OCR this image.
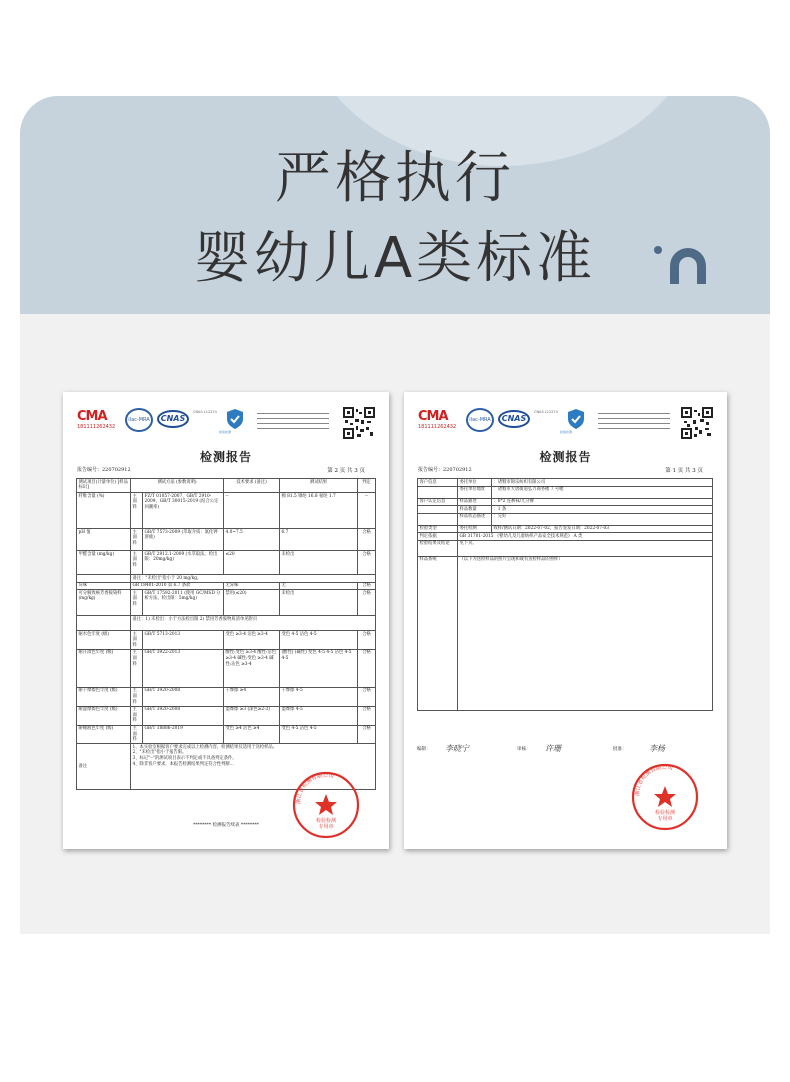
严格执行
婴幼儿A类标准
CMA
181111262432
ilac-MRA CNAS
CNAS L12274
检验检测
检测报告
报告编号：220702912	第 2 页 共 3 页
测试项目(计量单位) [样品标识]	测试方法 (参数说明)		技术要求 (备注)	测试结果	判定
纤维含量 (%)	主面料	FZ/T 01057-2007、GB/T 2910-2009、GB/T 30015-2019 (结合公定回潮率)	--	棉 81.5 锦纶 16.8 氨纶 1.7	--
pH 值	主面料	GB/T 7573-2009 (萃取介质：氯化钾溶液)	4.0~7.5	6.7	合格
甲醛含量 (mg/kg)	主面料	GB/T 2912.1-2009 (水萃取法，检出限：20mg/kg)	≤20	未检出	合格
	备注："未检出"指小于 20 mg/kg。				
异味	GB 18401-2010 第 6.7 条款		无异味	无	合格
可分解致癌芳香胺染料 (mg/kg)	主面料	GB/T 17592-2011 (使用 GC/MSD 分析方法，检出限：5mg/kg)	禁用(≤20)	未检出	合格
	备注：1) 未检出：小于方法检出限 2) 禁用芳香胺物质清单见附页				
耐水色牢度 (级)	主面料	GB/T 5713-2013	变色 ≥3-4 沾色 ≥3-4	变色 4-5 沾色 4-5	合格
耐汗渍色牢度 (级)	主面料	GB/T 3922-2013	酸性:变色 ≥3-4 酸性:沾色 ≥3-4 碱性:变色 ≥3-4 碱性:沾色 ≥3-4	(酸性) (碱性) 变色 4-5 4-5 沾色 4-5 4-5	合格
耐干摩擦色牢度 (级)	主面料	GB/T 3920-2008	干摩擦 ≥4	干摩擦 4-5	合格
耐湿摩擦色牢度 (级)	主面料	GB/T 3920-2008	湿摩擦 ≥3 (深色≥2-3)	湿摩擦 4-5	合格
耐唾液色牢度 (级)	主面料	GB/T 18886-2019	变色 ≥4 沾色 ≥4	变色 4-5 沾色 4-5	合格
备注	1、本实验室根据客户要求完成以上检测内容，检测结果仅适用于送检样品。
2、"未检出"指小于报告限。
3、标记"--"的测试项目表示不判定或不具备判定条件。
4、除非客户要求，本报告检测结果判定符合性判断...				
******** 检测报告续表 ********
检验检测
专用章
浙江省检测有限公司
CMA
181111262432
ilac-MRA CNAS
CNAS L12274
检验检测
检测报告
报告编号：220702912	第 1 页 共 3 页
客户信息	委托单位	：诸暨市锦乐纺织有限公司
	委托单位地址	：诸暨市大唐街道弘力商务楼 7 号楼
客户认定信息	样品描述	：6*2 连裤袜/儿分裤
	样品数量	：1 条
	样品状态描述	：完好
检验类型	委托检测	收样/测试日期：2022-07-02、报告签发日期：2022-07-03
判定依据	GB 31701-2015 《婴幼儿及儿童纺织产品安全技术规范》 A 类	
检验结果及结论	见下页。	
样品系统	（以下为送检样品的照片呈现和或有送检样品的照样）	
编制： 李晓宁	审核： 许珊	批准：	李杨
检验检测
专用章
浙江省检测有限公司
